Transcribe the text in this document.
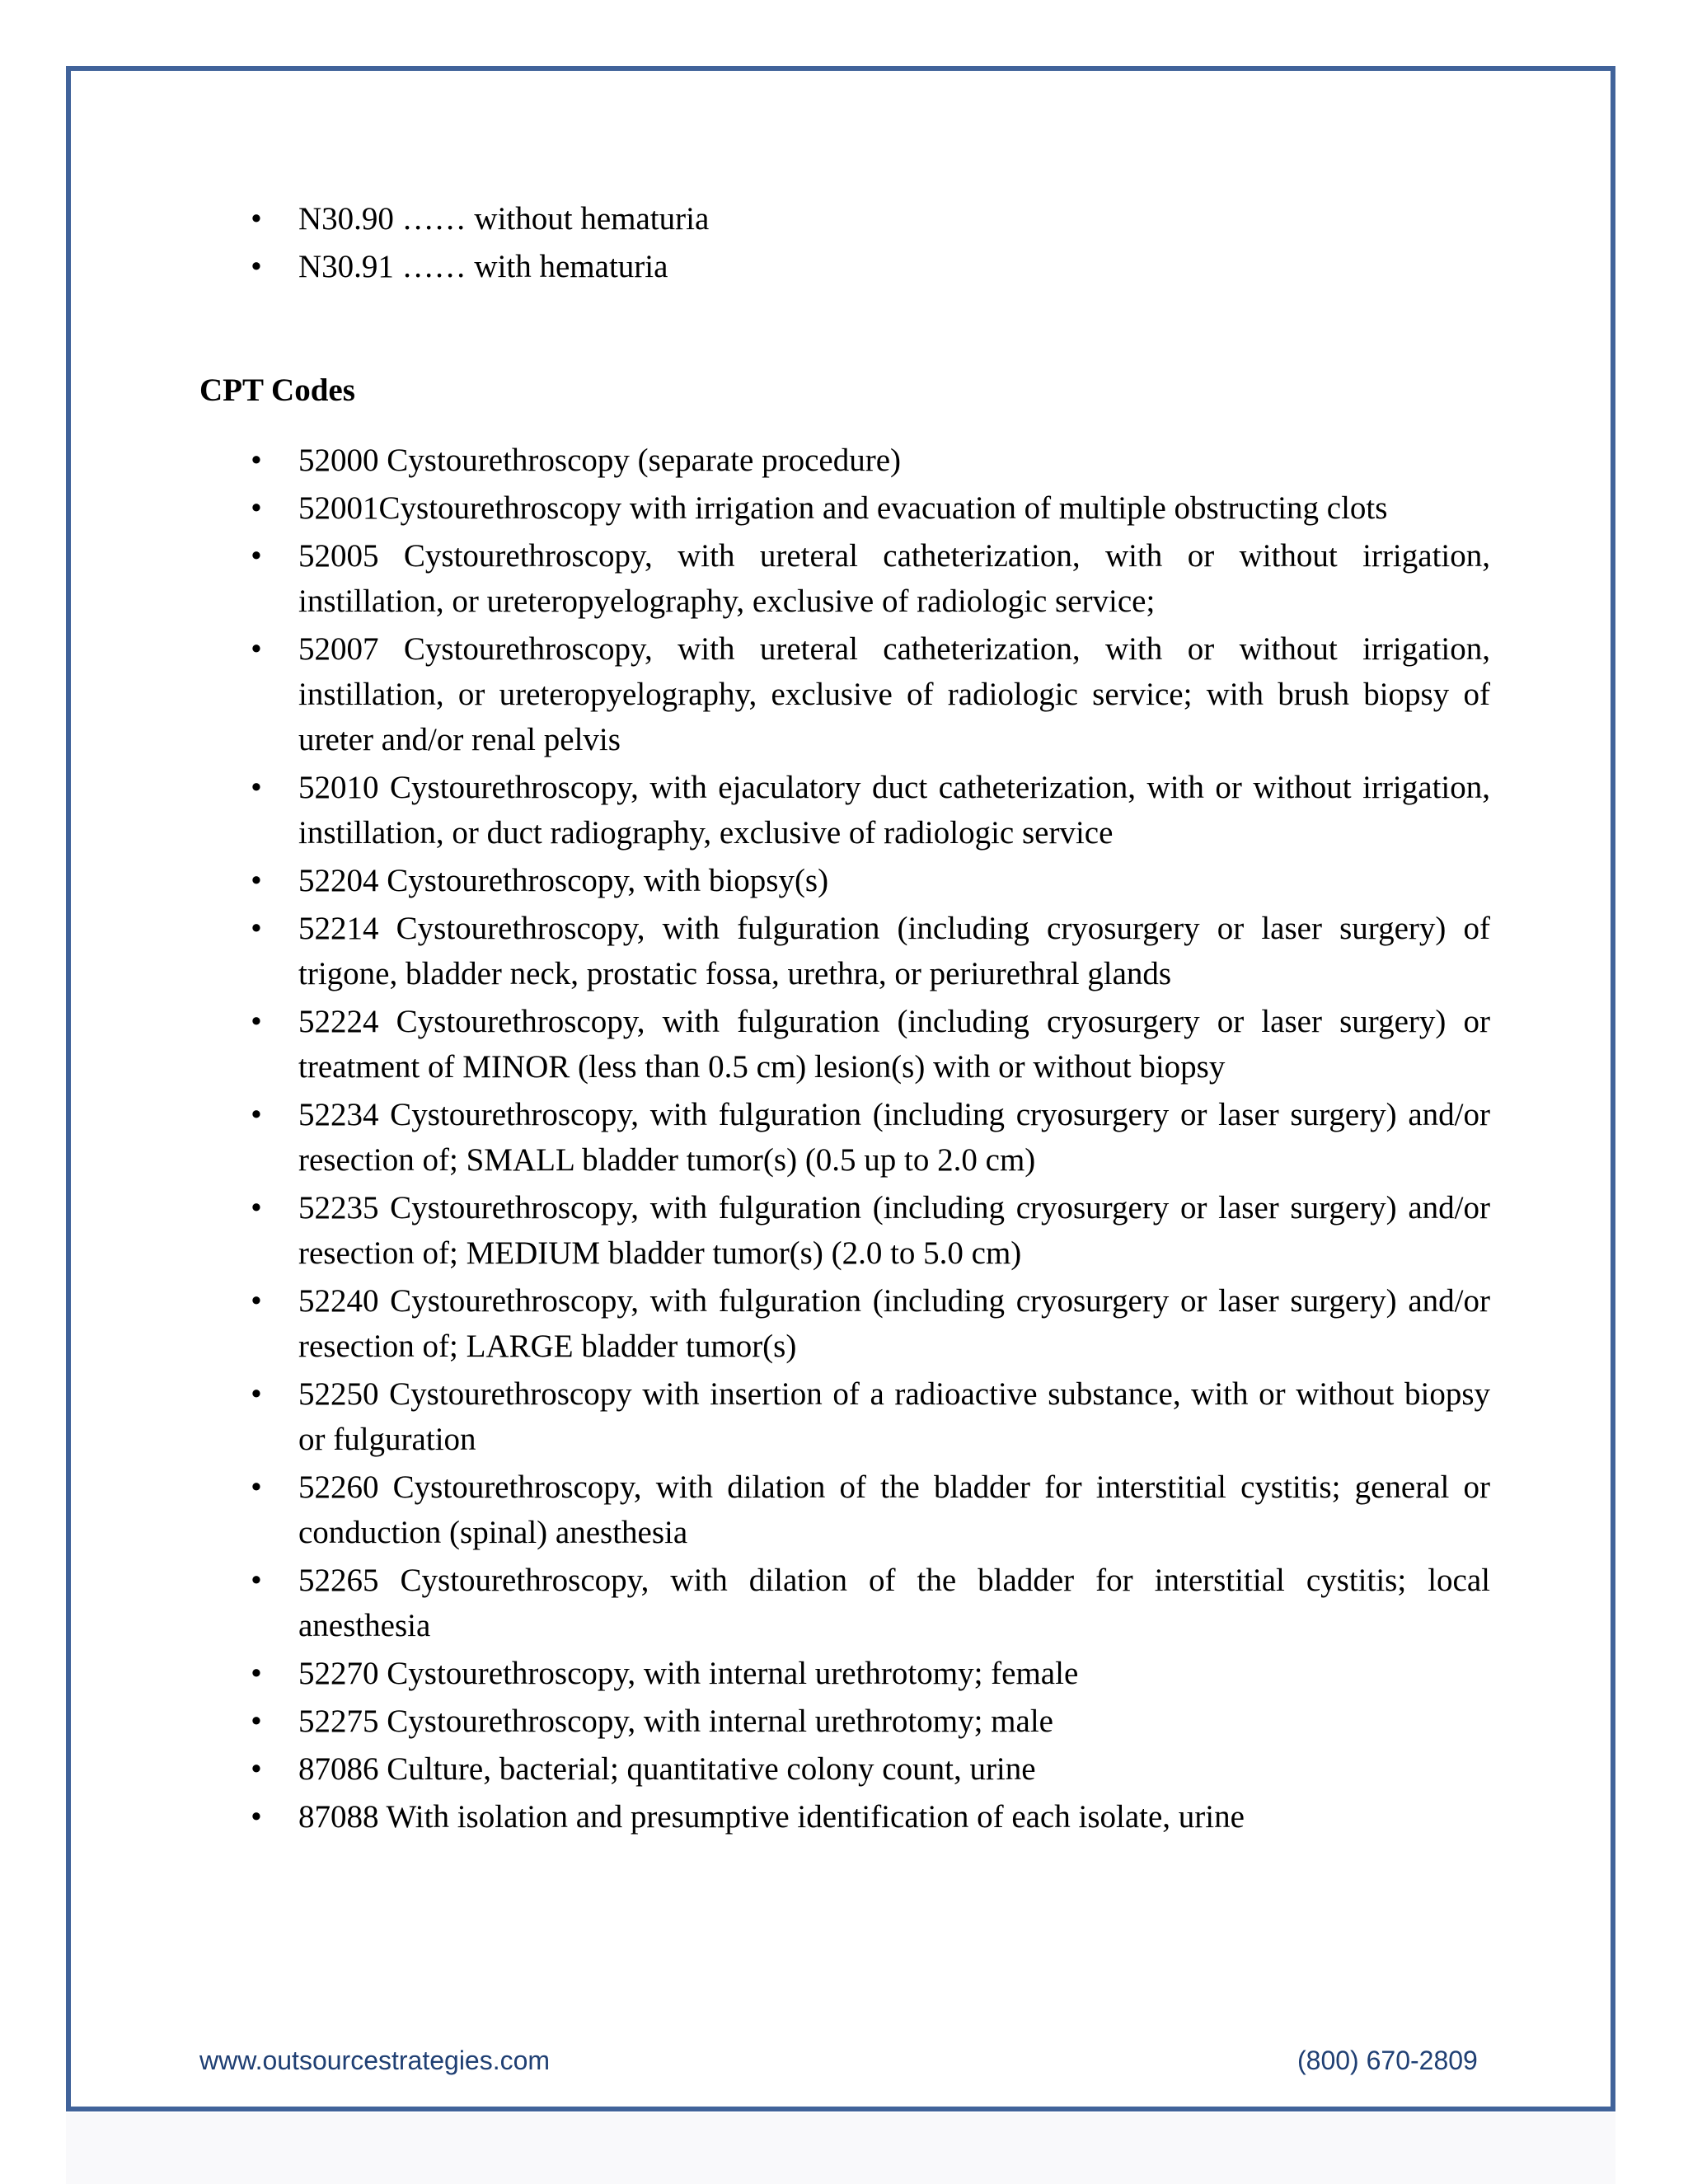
• N30.90 …… without hematuria
• N30.91 …… with hematuria
CPT Codes
• 52000 Cystourethroscopy (separate procedure)
• 52001Cystourethroscopy with irrigation and evacuation of multiple obstructing clots
• 52005 Cystourethroscopy, with ureteral catheterization, with or without irrigation, instillation, or ureteropyelography, exclusive of radiologic service;
• 52007 Cystourethroscopy, with ureteral catheterization, with or without irrigation, instillation, or ureteropyelography, exclusive of radiologic service; with brush biopsy of ureter and/or renal pelvis
• 52010 Cystourethroscopy, with ejaculatory duct catheterization, with or without irrigation, instillation, or duct radiography, exclusive of radiologic service
• 52204 Cystourethroscopy, with biopsy(s)
• 52214 Cystourethroscopy, with fulguration (including cryosurgery or laser surgery) of trigone, bladder neck, prostatic fossa, urethra, or periurethral glands
• 52224 Cystourethroscopy, with fulguration (including cryosurgery or laser surgery) or treatment of MINOR (less than 0.5 cm) lesion(s) with or without biopsy
• 52234 Cystourethroscopy, with fulguration (including cryosurgery or laser surgery) and/or resection of; SMALL bladder tumor(s) (0.5 up to 2.0 cm)
• 52235 Cystourethroscopy, with fulguration (including cryosurgery or laser surgery) and/or resection of; MEDIUM bladder tumor(s) (2.0 to 5.0 cm)
• 52240 Cystourethroscopy, with fulguration (including cryosurgery or laser surgery) and/or resection of; LARGE bladder tumor(s)
• 52250 Cystourethroscopy with insertion of a radioactive substance, with or without biopsy or fulguration
• 52260 Cystourethroscopy, with dilation of the bladder for interstitial cystitis; general or conduction (spinal) anesthesia
• 52265 Cystourethroscopy, with dilation of the bladder for interstitial cystitis; local anesthesia
• 52270 Cystourethroscopy, with internal urethrotomy; female
• 52275 Cystourethroscopy, with internal urethrotomy; male
• 87086 Culture, bacterial; quantitative colony count, urine
• 87088 With isolation and presumptive identification of each isolate, urine
www.outsourcestrategies.com	(800) 670-2809
